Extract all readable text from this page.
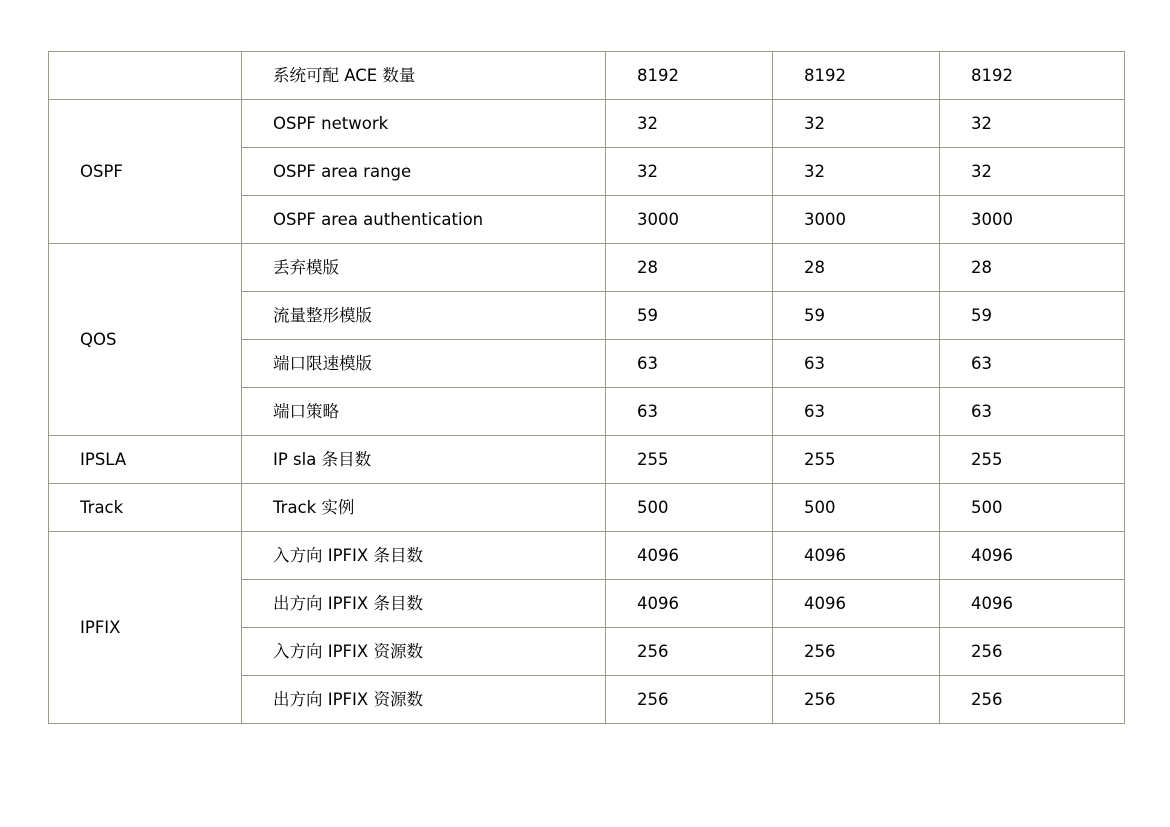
	系统可配 ACE 数量	8192	8192	8192
OSPF	OSPF network	32	32	32
	OSPF area range	32	32	32
	OSPF area authentication	3000	3000	3000
QOS	丢弃模版	28	28	28
	流量整形模版	59	59	59
	端口限速模版	63	63	63
	端口策略	63	63	63
IPSLA	IP sla 条目数	255	255	255
Track	Track 实例	500	500	500
IPFIX	入方向 IPFIX 条目数	4096	4096	4096
	出方向 IPFIX 条目数	4096	4096	4096
	入方向 IPFIX 资源数	256	256	256
	出方向 IPFIX 资源数	256	256	256
